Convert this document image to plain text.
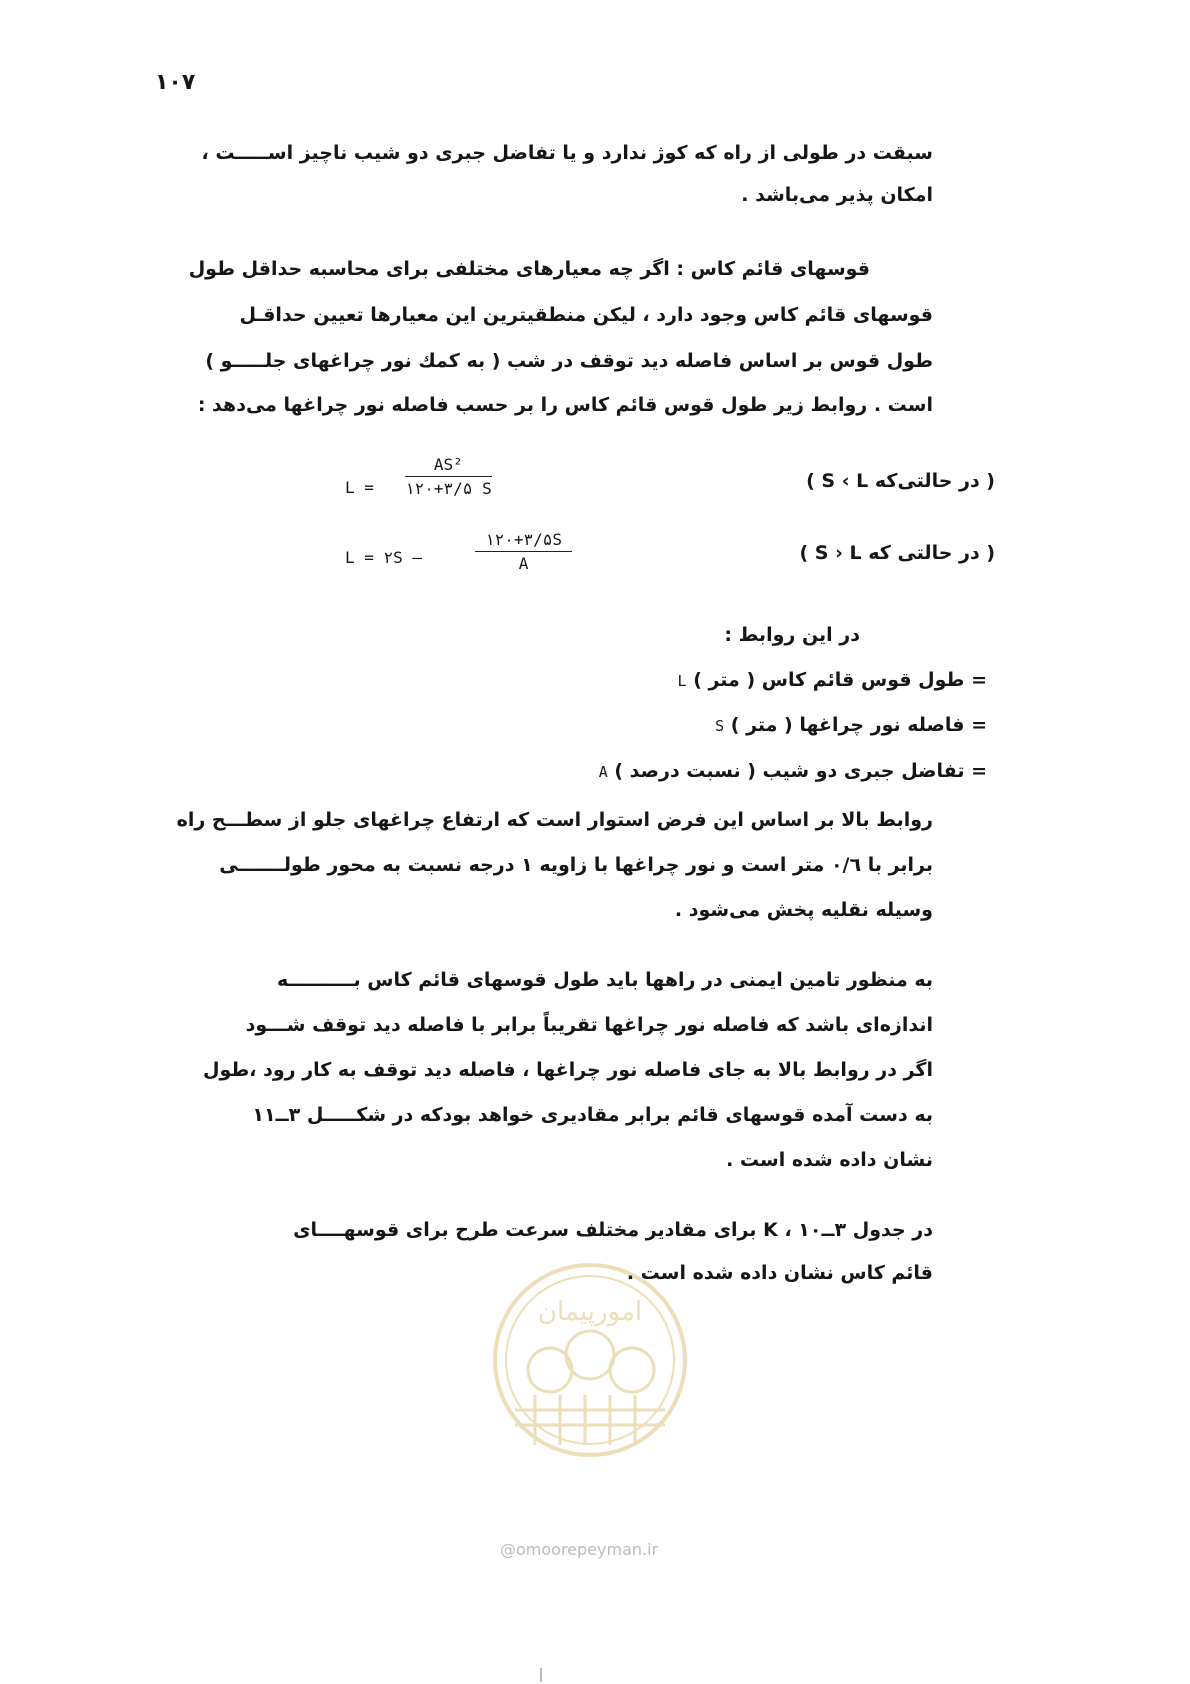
۱۰۷
سبقت در طولی از راه که کوژ ندارد و یا تفاضل جبری دو شیب ناچیز اســـــت ،
امکان پذیر می‌باشد .
قوسهای قائم کاس : اگر چه معیارهای مختلفی برای محاسبه حداقل طول
قوسهای قائم کاس وجود دارد ، لیکن منطقیترین این معیارها تعیین حداقـل
طول قوس بر اساس فاصله دید توقف در شب ( به کمك نور چراغهای جلـــــو )
است . روابط زیر طول قوس قائم کاس را بر حسب فاصله نور چراغها می‌دهد :
$L = \frac{\text{AS²}}{۱۲۰+۳/۵ S}$	( در حالتی‌که S ‹ L )
L = ۲S —	$\frac{۱۲۰+۳/۵S}{A}$	( در حالتی که S › L )
در این روابط :
L = طول قوس قائم کاس ( متر )
S = فاصله نور چراغها ( متر )
A = تفاضل جبری دو شیب ( نسبت درصد )
روابط بالا بر اساس این فرض استوار است که ارتفاع چراغهای جلو از سطـــح راه
برابر با ۰/٦ متر است و نور چراغها با زاویه ۱ درجه نسبت به محور طولـــــــی
وسیله نقلیه پخش می‌شود .
به منظور تامین ایمنی در راهها باید طول قوسهای قائم کاس بــــــــــه
اندازه‌ای باشد که فاصله نور چراغها تقریباً برابر با فاصله دید توقف شـــود
اگر در روابط بالا به جای فاصله نور چراغها ، فاصله دید توقف به کار رود ،طول
به دست آمده قوسهای قائم برابر مقادیری خواهد بودکه در شکـــــل ۳ــ۱۱
نشان داده شده است .
در جدول ۳ــ۱۰ ، K برای مقادیر مختلف سرعت طرح برای قوسهــــای
قائم کاس نشان داده شده است .
امورپیمان
@omoorepeyman.ir
